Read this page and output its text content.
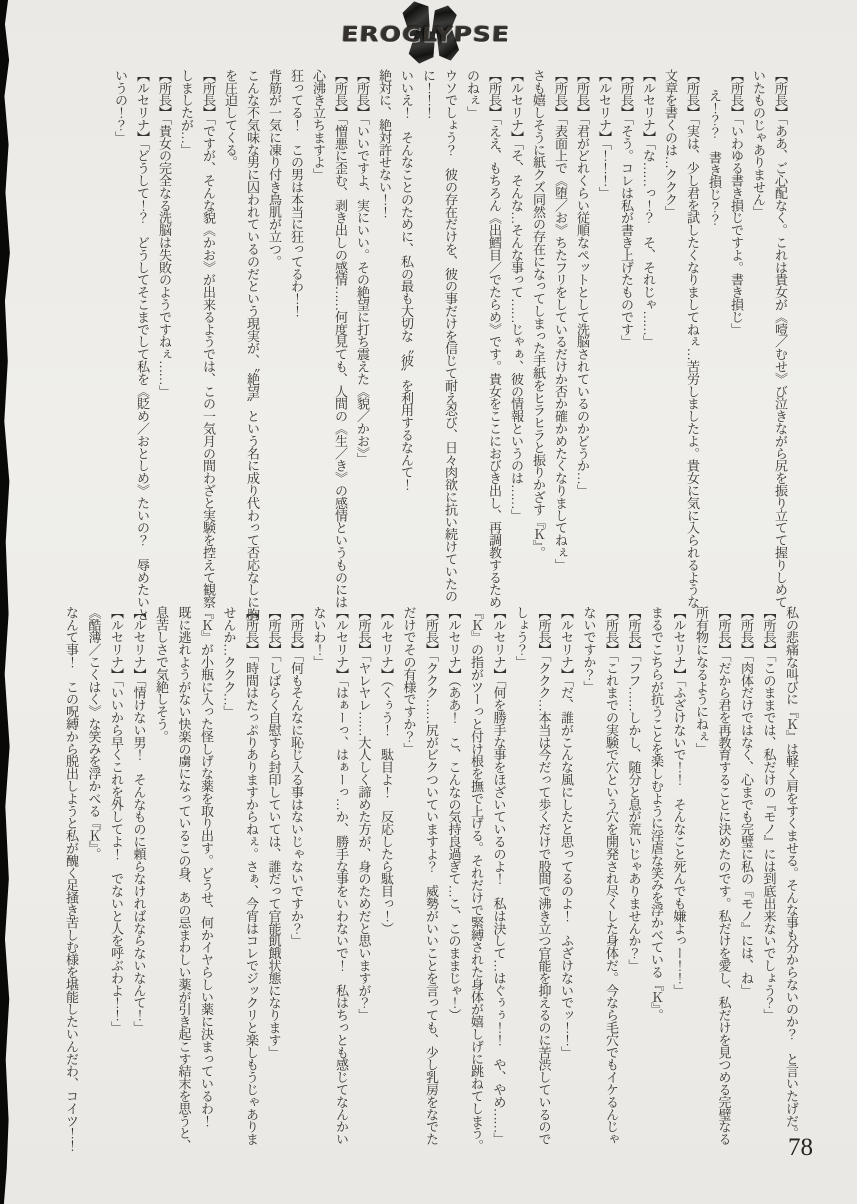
EROCLYPSE

【所長】「ああ、ご心配なく。これは貴女が《噎／むせ》び泣きながら尻を振り立てて握りしめて

いたものじゃありません」

【所長】「いわゆる書き損じですよ。書き損じ」

え！？？　書き損じ？？

【所長】「実は、少し君を試したくなりましてねぇ…苦労しましたよ。貴女に気に入られるような

文章を書くのは…ククク」

【ルセリナ】「な……っ！？　そ、それじゃ……」

【所長】「そう。コレは私が書き上げたものです」

【ルセリナ】「！！！」

【所長】「君がどれくらい従順なペットとして洗脳されているのかどうか…」

【所長】「表面上で《堕／お》ちたフリをしているだけか否か確かめたくなりましてねぇ」

さも嬉しそうに紙クズ同然の存在になってしまった手紙をヒラヒラと振りかざす『Ｋ』。

【ルセリナ】「そ、そんな…そんな事って……じゃぁ、彼の情報というのは……」

【所長】「ええ、もちろん《出鱈目／でたらめ》です。貴女をここにおびき出し、再調教するため

のねぇ」

ウソでしょう？　彼の存在だけを、彼の事だけを信じて耐え忍び、日々肉欲に抗い続けていたの

に！！！

いいえ！　そんなことのために、私の最も大切な〝彼〟を利用するなんて！

絶対に、絶対許せない！！

【所長】「いいですよ、実にいい。その絶望に打ち震えた《貌／かお》」

【所長】「憎悪に歪む、剥き出しの感情……何度見ても、人間の《生／き》の感情というものには

心沸き立ちますよ」

狂ってる！　この男は本当に狂ってるわ！！

背筋が一気に凍り付き鳥肌が立つ。

こんな不気味な男に囚われているのだという現実が、〝絶望〟という名に成り代わって否応なしに胸

を圧迫してくる。

【所長】「ですが、そんな貌《かお》が出来るようでは、この一気月の間わざと実験を控えて観察

しましたが…」

【所長】「貴女の完全なる洗脳は失敗のようですねぇ……」

【ルセリナ】「どうして！？　どうしてそこまでして私を《貶め／おとしめ》たいの？　辱めたいと

いうの！？」

私の悲痛な叫びに『Ｋ』は軽く肩をすくませる。そんな事も分からないのか？　と言いたげだ。

【所長】「このままでは、私だけの『モノ』には到底出来ないでしょう？」

【所長】「肉体だけではなく、心までも完璧に私の『モノ』には、ね」

【所長】「だから君を再教育することに決めたのです。私だけを愛し、私だけを見つめる完璧なる

所有物になるようにねぇ」

【ルセリナ】「ふざけないで！！　そんなこと死んでも嫌よっー！！」

まるでこちらが抗うことを楽しむように淫虐な笑みを浮かべている『Ｋ』。

【所長】「フフ……しかし、随分と息が荒いじゃありませんか？」

【所長】「これまでの実験で穴という穴を開発され尽くした身体だ。今なら毛穴でもイケるんじゃ

ないですか？」

【ルセリナ】「だ、誰がこんな風にしたと思ってるのよ！　ふざけないでッ！！」

【所長】「ククク…本当は今だって歩くだけで股間で沸き立つ官能を抑えるのに苦渋しているので

しょう？」

【ルセリナ】「何を勝手な事をほざいているのよ！　私は決して…はぐぅぅ！！　や、やめ……」

『Ｋ』の指がツーっと付け根を撫で上げる。それだけで緊縛された身体が嬉しげに跳ねてしまう。

【ルセリナ】（ああ！　こ、こんなの気持良過ぎて…こ、このままじゃ！）

【所長】「ククク……尻がビクついていますよ？　威勢がいいことを言っても、少し乳房をなでた

だけでその有様ですか？」

【ルセリナ】（くぅう！　駄目よ！　反応したら駄目っ！）

【所長】「ヤレヤレ……大人しく諦めた方が、身のためだと思いますが？」

【ルセリナ】「はぁーっ、はぁーっ…か、勝手な事をいわないで！　私はちっとも感じてなんかい

ないわ！」

【所長】「何もそんなに恥じ入る事はないじゃないですか？」

【所長】「しばらく自慰すら封印していては、誰だって官能飢餓状態になります」

【所長】「時間はたっぷりありますからねぇ。さぁ、今宵はコレでジックリと楽しもうじゃありま

せんか…ククク…」

『Ｋ』が小瓶に入った怪しげな薬を取り出す。どうせ、何かイヤらしい薬に決まっているわ！

既に逃れようがない快楽の虜になっているこの身、あの忌まわしい薬が引き起こす結末を思うと、

息苦しさで気絶しそう。

【ルセリナ】「情けない男！　そんなものに頼らなければならないなんて！」

【ルセリナ】「いいから早くこれを外してよ！　でないと人を呼ぶわよ！！」

《酷薄／こくはく》な笑みを浮かべる『Ｋ』。

なんて事！　この呪縛から脱出しようと私が醜く足掻き苦しむ様を堪能したいんだわ、コイツ！！	78
